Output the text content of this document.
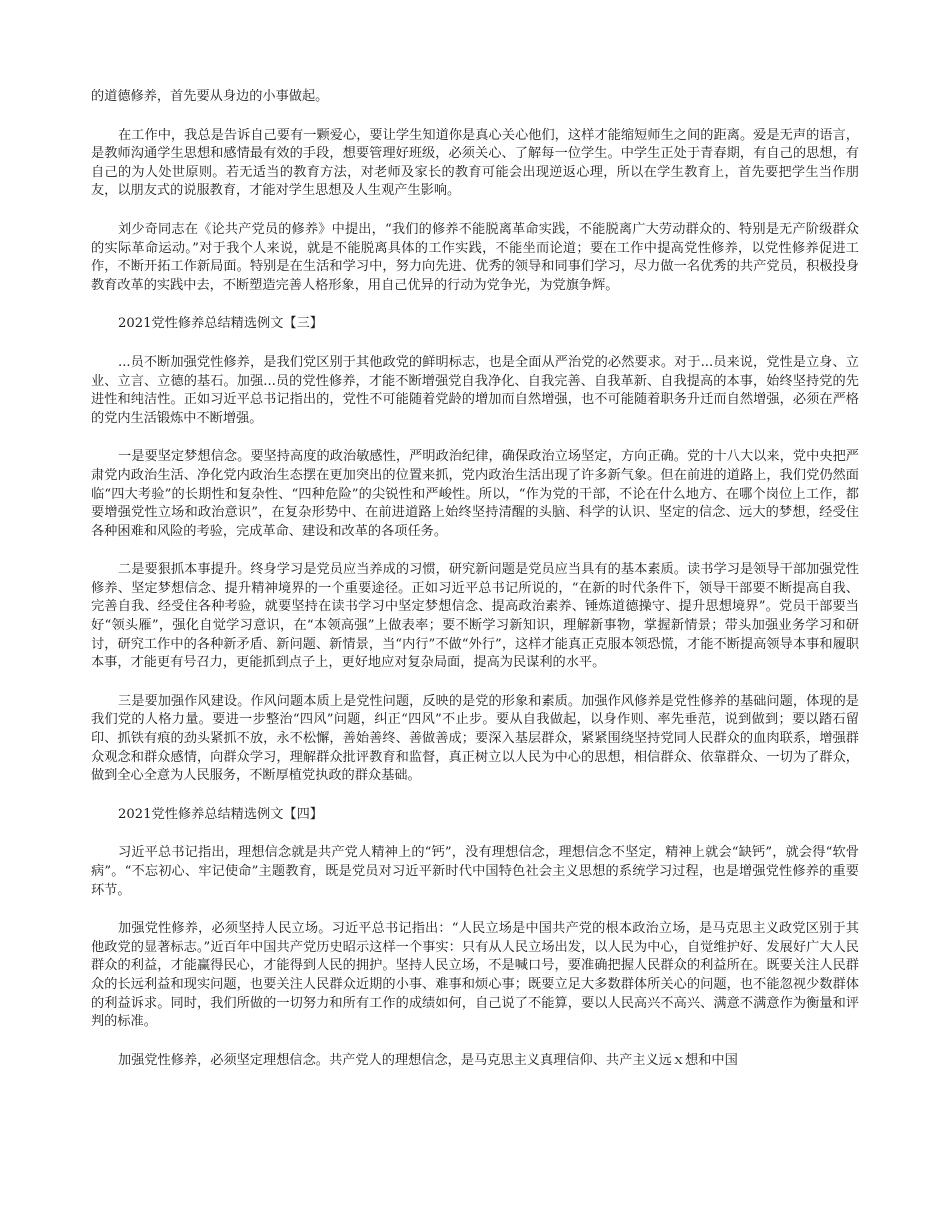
的道德修养，首先要从身边的小事做起。

在工作中，我总是告诉自己要有一颗爱心，要让学生知道你是真心关心他们，这样才能缩短师生之间的距离。爱是无声的语言，是教师沟通学生思想和感情最有效的手段，想要管理好班级，必须关心、了解每一位学生。中学生正处于青春期，有自己的思想，有自己的为人处世原则。若无适当的教育方法，对老师及家长的教育可能会出现逆返心理，所以在学生教育上，首先要把学生当作朋友，以朋友式的说服教育，才能对学生思想及人生观产生影响。

刘少奇同志在《论共产党员的修养》中提出，“我们的修养不能脱离革命实践，不能脱离广大劳动群众的、特别是无产阶级群众的实际革命运动。”对于我个人来说，就是不能脱离具体的工作实践，不能坐而论道；要在工作中提高党性修养，以党性修养促进工作，不断开拓工作新局面。特别是在生活和学习中，努力向先进、优秀的领导和同事们学习，尽力做一名优秀的共产党员，积极投身教育改革的实践中去，不断塑造完善人格形象，用自己优异的行动为党争光，为党旗争辉。

2021党性修养总结精选例文【三】

...员不断加强党性修养，是我们党区别于其他政党的鲜明标志，也是全面从严治党的必然要求。对于...员来说，党性是立身、立业、立言、立德的基石。加强...员的党性修养，才能不断增强党自我净化、自我完善、自我革新、自我提高的本事，始终坚持党的先进性和纯洁性。正如习近平总书记指出的，党性不可能随着党龄的增加而自然增强，也不可能随着职务升迁而自然增强，必须在严格的党内生活锻炼中不断增强。

一是要坚定梦想信念。要坚持高度的政治敏感性，严明政治纪律，确保政治立场坚定，方向正确。党的十八大以来，党中央把严肃党内政治生活、净化党内政治生态摆在更加突出的位置来抓，党内政治生活出现了许多新气象。但在前进的道路上，我们党仍然面临“四大考验”的长期性和复杂性、“四种危险”的尖锐性和严峻性。所以，“作为党的干部，不论在什么地方、在哪个岗位上工作，都要增强党性立场和政治意识”，在复杂形势中、在前进道路上始终坚持清醒的头脑、科学的认识、坚定的信念、远大的梦想，经受住各种困难和风险的考验，完成革命、建设和改革的各项任务。

二是要狠抓本事提升。终身学习是党员应当养成的习惯，研究新问题是党员应当具有的基本素质。读书学习是领导干部加强党性修养、坚定梦想信念、提升精神境界的一个重要途径。正如习近平总书记所说的，“在新的时代条件下，领导干部要不断提高自我、完善自我、经受住各种考验，就要坚持在读书学习中坚定梦想信念、提高政治素养、锤炼道德操守、提升思想境界”。党员干部要当好“领头雁”，强化自觉学习意识，在“本领高强”上做表率；要不断学习新知识，理解新事物，掌握新情景；带头加强业务学习和研讨，研究工作中的各种新矛盾、新问题、新情景，当“内行”不做“外行”，这样才能真正克服本领恐慌，才能不断提高领导本事和履职本事，才能更有号召力，更能抓到点子上，更好地应对复杂局面，提高为民谋利的水平。

三是要加强作风建设。作风问题本质上是党性问题，反映的是党的形象和素质。加强作风修养是党性修养的基础问题，体现的是我们党的人格力量。要进一步整治“四风”问题，纠正“四风”不止步。要从自我做起，以身作则、率先垂范，说到做到；要以踏石留印、抓铁有痕的劲头紧抓不放，永不松懈，善始善终、善做善成；要深入基层群众，紧紧围绕坚持党同人民群众的血肉联系，增强群众观念和群众感情，向群众学习，理解群众批评教育和监督，真正树立以人民为中心的思想，相信群众、依靠群众、一切为了群众，做到全心全意为人民服务，不断厚植党执政的群众基础。

2021党性修养总结精选例文【四】

习近平总书记指出，理想信念就是共产党人精神上的“钙”，没有理想信念，理想信念不坚定，精神上就会“缺钙”，就会得“软骨病”。“不忘初心、牢记使命”主题教育，既是党员对习近平新时代中国特色社会主义思想的系统学习过程，也是增强党性修养的重要环节。

加强党性修养，必须坚持人民立场。习近平总书记指出：“人民立场是中国共产党的根本政治立场，是马克思主义政党区别于其他政党的显著标志。”近百年中国共产党历史昭示这样一个事实：只有从人民立场出发，以人民为中心，自觉维护好、发展好广大人民群众的利益，才能赢得民心，才能得到人民的拥护。坚持人民立场，不是喊口号，要准确把握人民群众的利益所在。既要关注人民群众的长远利益和现实问题，也要关注人民群众近期的小事、难事和烦心事；既要立足大多数群体所关心的问题，也不能忽视少数群体的利益诉求。同时，我们所做的一切努力和所有工作的成绩如何，自己说了不能算，要以人民高兴不高兴、满意不满意作为衡量和评判的标准。

加强党性修养，必须坚定理想信念。共产党人的理想信念，是马克思主义真理信仰、共产主义远ｘ想和中国
